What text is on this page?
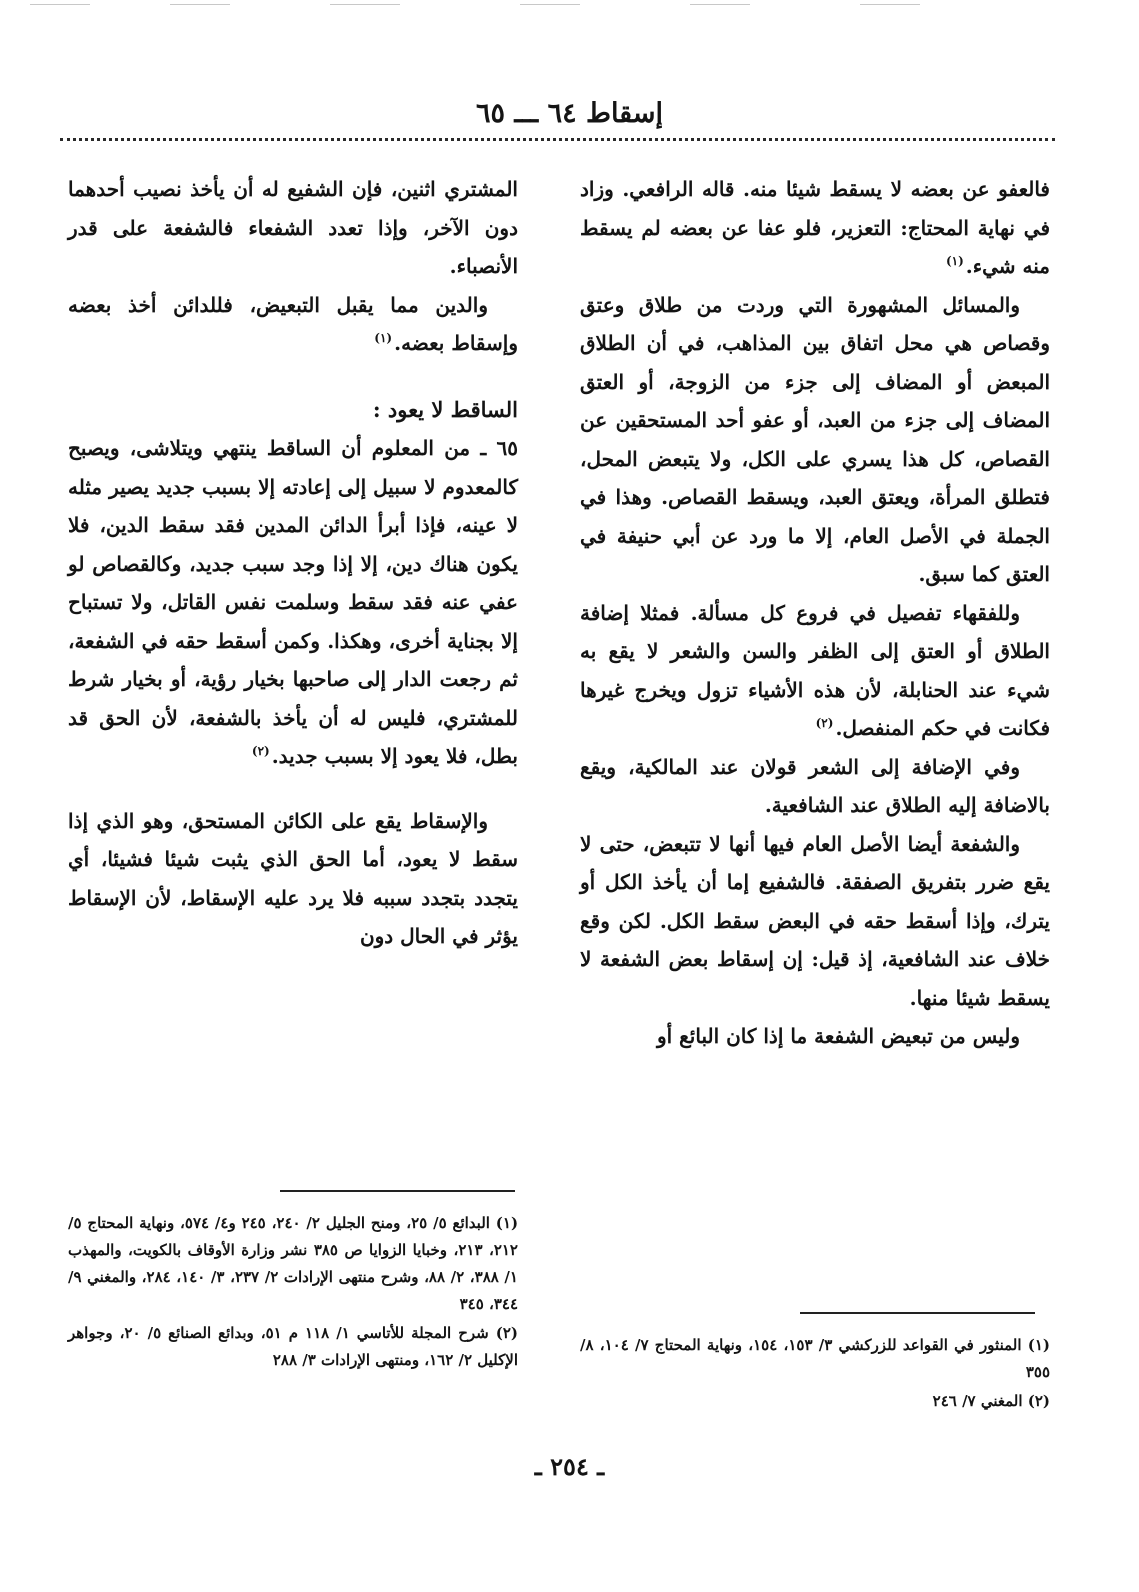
إسقاط ٦٤ ـــ ٦٥

فالعفو عن بعضه لا يسقط شيئا منه. قاله الرافعي. وزاد في نهاية المحتاج: التعزير، فلو عفا عن بعضه لم يسقط منه شيء.$^{(١)}$

والمسائل المشهورة التي وردت من طلاق وعتق وقصاص هي محل اتفاق بين المذاهب، في أن الطلاق المبعض أو المضاف إلى جزء من الزوجة، أو العتق المضاف إلى جزء من العبد، أو عفو أحد المستحقين عن القصاص، كل هذا يسري على الكل، ولا يتبعض المحل، فتطلق المرأة، ويعتق العبد، ويسقط القصاص. وهذا في الجملة في الأصل العام، إلا ما ورد عن أبي حنيفة في العتق كما سبق.

وللفقهاء تفصيل في فروع كل مسألة. فمثلا إضافة الطلاق أو العتق إلى الظفر والسن والشعر لا يقع به شيء عند الحنابلة، لأن هذه الأشياء تزول ويخرج غيرها فكانت في حكم المنفصل.$^{(٢)}$

وفي الإضافة إلى الشعر قولان عند المالكية، ويقع بالاضافة إليه الطلاق عند الشافعية.

والشفعة أيضا الأصل العام فيها أنها لا تتبعض، حتى لا يقع ضرر بتفريق الصفقة. فالشفيع إما أن يأخذ الكل أو يترك، وإذا أسقط حقه في البعض سقط الكل. لكن وقع خلاف عند الشافعية، إذ قيل: إن إسقاط بعض الشفعة لا يسقط شيئا منها.

وليس من تبعيض الشفعة ما إذا كان البائع أو

المشتري اثنين، فإن الشفيع له أن يأخذ نصيب أحدهما دون الآخر، وإذا تعدد الشفعاء فالشفعة على قدر الأنصباء.

والدين مما يقبل التبعيض، فللدائن أخذ بعضه وإسقاط بعضه.$^{(١)}$

الساقط لا يعود :

٦٥ ـ من المعلوم أن الساقط ينتهي ويتلاشى، ويصبح كالمعدوم لا سبيل إلى إعادته إلا بسبب جديد يصير مثله لا عينه، فإذا أبرأ الدائن المدين فقد سقط الدين، فلا يكون هناك دين، إلا إذا وجد سبب جديد، وكالقصاص لو عفي عنه فقد سقط وسلمت نفس القاتل، ولا تستباح إلا بجناية أخرى، وهكذا. وكمن أسقط حقه في الشفعة، ثم رجعت الدار إلى صاحبها بخيار رؤية، أو بخيار شرط للمشتري، فليس له أن يأخذ بالشفعة، لأن الحق قد بطل، فلا يعود إلا بسبب جديد.$^{(٢)}$

والإسقاط يقع على الكائن المستحق، وهو الذي إذا سقط لا يعود، أما الحق الذي يثبت شيئا فشيئا، أي يتجدد بتجدد سببه فلا يرد عليه الإسقاط، لأن الإسقاط يؤثر في الحال دون

(١) المنثور في القواعد للزركشي ٣/ ١٥٣، ١٥٤، ونهاية المحتاج ٧/ ١٠٤، ٨/ ٣٥٥

(٢) المغني ٧/ ٢٤٦

(١) البدائع ٥/ ٢٥، ومنح الجليل ٢/ ٢٤٠، ٢٤٥ و٤/ ٥٧٤، ونهاية المحتاج ٥/ ٢١٢، ٢١٣، وخبايا الزوايا ص ٣٨٥ نشر وزارة الأوقاف بالكويت، والمهذب ١/ ٣٨٨، ٢/ ٨٨، وشرح منتهى الإرادات ٢/ ٢٣٧، ٣/ ١٤٠، ٢٨٤، والمغني ٩/ ٣٤٤، ٣٤٥

(٢) شرح المجلة للأتاسي ١/ ١١٨ م ٥١، وبدائع الصنائع ٥/ ٢٠، وجواهر الإكليل ٢/ ١٦٢، ومنتهى الإرادات ٣/ ٢٨٨

ـ ٢٥٤ ـ
